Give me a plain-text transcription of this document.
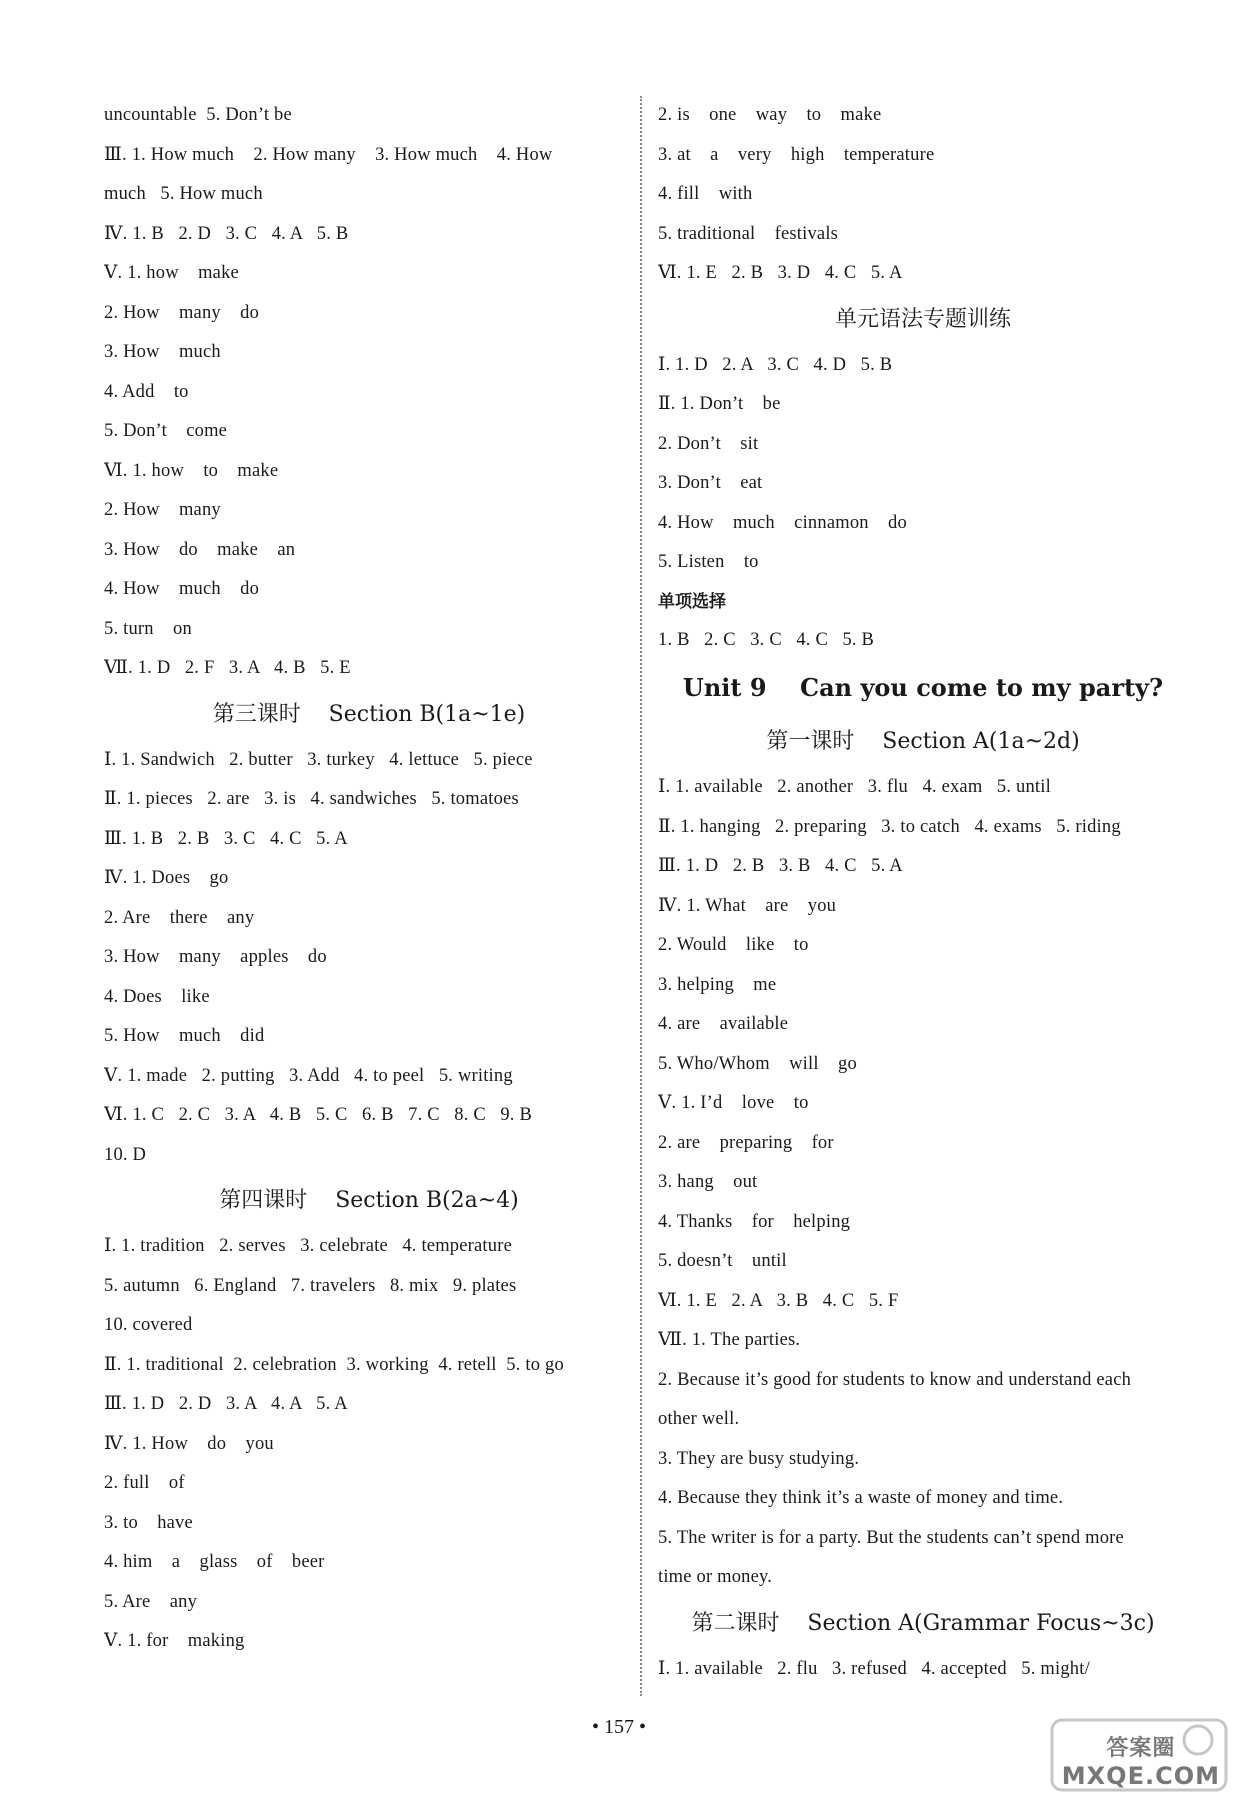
uncountable  5. Don’t be
Ⅲ. 1. How much    2. How many    3. How much    4. How
much   5. How much
Ⅳ. 1. B   2. D   3. C   4. A   5. B
Ⅴ. 1. how    make
2. How    many    do
3. How    much
4. Add    to
5. Don’t    come
Ⅵ. 1. how    to    make
2. How    many
3. How    do    make    an
4. How    much    do
5. turn    on
Ⅶ. 1. D   2. F   3. A   4. B   5. E
第三课时    Section B(1a~1e)
Ⅰ. 1. Sandwich   2. butter   3. turkey   4. lettuce   5. piece
Ⅱ. 1. pieces   2. are   3. is   4. sandwiches   5. tomatoes
Ⅲ. 1. B   2. B   3. C   4. C   5. A
Ⅳ. 1. Does    go
2. Are    there    any
3. How    many    apples    do
4. Does    like
5. How    much    did
Ⅴ. 1. made   2. putting   3. Add   4. to peel   5. writing
Ⅵ. 1. C   2. C   3. A   4. B   5. C   6. B   7. C   8. C   9. B
10. D
第四课时    Section B(2a~4)
Ⅰ. 1. tradition   2. serves   3. celebrate   4. temperature
5. autumn   6. England   7. travelers   8. mix   9. plates
10. covered
Ⅱ. 1. traditional  2. celebration  3. working  4. retell  5. to go
Ⅲ. 1. D   2. D   3. A   4. A   5. A
Ⅳ. 1. How    do    you
2. full    of
3. to    have
4. him    a    glass    of    beer
5. Are    any
Ⅴ. 1. for    making
2. is    one    way    to    make
3. at    a    very    high    temperature
4. fill    with
5. traditional    festivals
Ⅵ. 1. E   2. B   3. D   4. C   5. A
单元语法专题训练
Ⅰ. 1. D   2. A   3. C   4. D   5. B
Ⅱ. 1. Don’t    be
2. Don’t    sit
3. Don’t    eat
4. How    much    cinnamon    do
5. Listen    to
单项选择
1. B   2. C   3. C   4. C   5. B
Unit 9    Can you come to my party?
第一课时    Section A(1a~2d)
Ⅰ. 1. available   2. another   3. flu   4. exam   5. until
Ⅱ. 1. hanging   2. preparing   3. to catch   4. exams   5. riding
Ⅲ. 1. D   2. B   3. B   4. C   5. A
Ⅳ. 1. What    are    you
2. Would    like    to
3. helping    me
4. are    available
5. Who/Whom    will    go
Ⅴ. 1. I’d    love    to
2. are    preparing    for
3. hang    out
4. Thanks    for    helping
5. doesn’t    until
Ⅵ. 1. E   2. A   3. B   4. C   5. F
Ⅶ. 1. The parties.
2. Because it’s good for students to know and understand each
other well.
3. They are busy studying.
4. Because they think it’s a waste of money and time.
5. The writer is for a party. But the students can’t spend more
time or money.
第二课时    Section A(Grammar Focus~3c)
Ⅰ. 1. available   2. flu   3. refused   4. accepted   5. might/
• 157 •
答案圈
MXQE.COM
